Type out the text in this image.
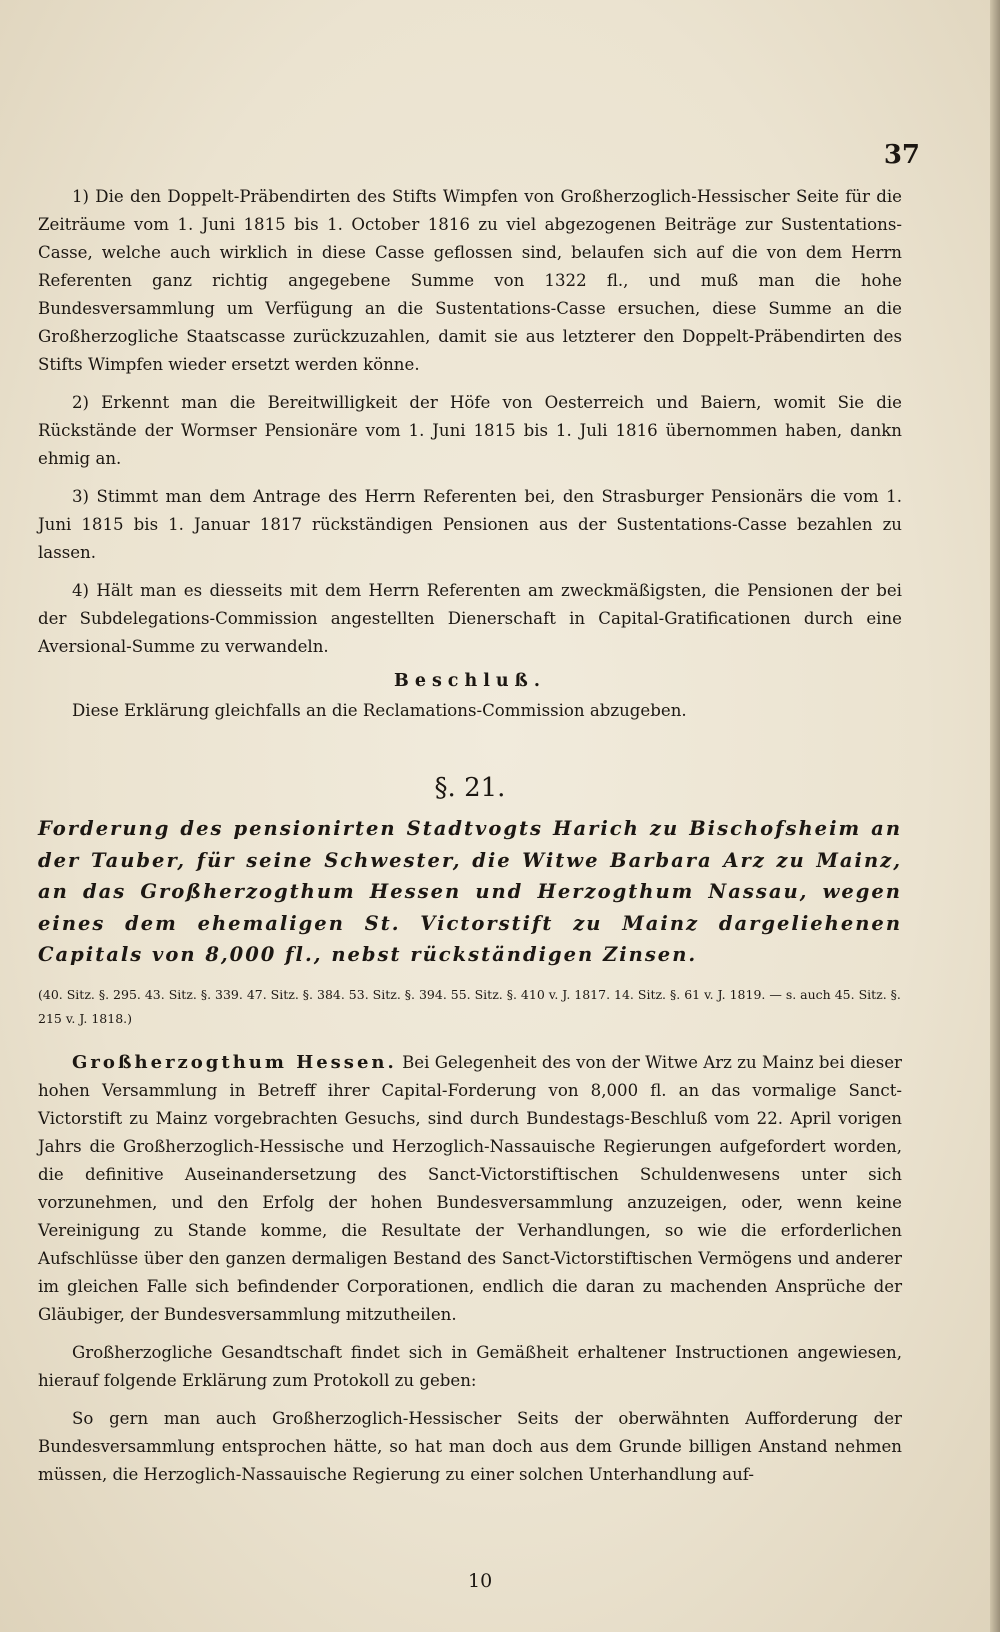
37

1) Die den Doppelt-Präbendirten des Stifts Wimpfen von Großherzoglich-Hessischer Seite für die Zeiträume vom 1. Juni 1815 bis 1. October 1816 zu viel abgezogenen Beiträge zur Sustentations-Casse, welche auch wirklich in diese Casse geflossen sind, belaufen sich auf die von dem Herrn Referenten ganz richtig angegebene Summe von 1322 fl., und muß man die hohe Bundesversammlung um Verfügung an die Sustentations-Casse ersuchen, diese Summe an die Großherzogliche Staatscasse zurückzuzahlen, damit sie aus letzterer den Doppelt-Präbendirten des Stifts Wimpfen wieder ersetzt werden könne.

2) Erkennt man die Bereitwilligkeit der Höfe von Oesterreich und Baiern, womit Sie die Rückstände der Wormser Pensionäre vom 1. Juni 1815 bis 1. Juli 1816 übernommen haben, dankn​ehmig an.

3) Stimmt man dem Antrage des Herrn Referenten bei, den Strasburger Pensionärs die vom 1. Juni 1815 bis 1. Januar 1817 rückständigen Pensionen aus der Sustentations-Casse bezahlen zu lassen.

4) Hält man es diesseits mit dem Herrn Referenten am zweckmäßigsten, die Pensionen der bei der Subdelegations-Commission angestellten Dienerschaft in Capital-Gratificationen durch eine Aversional-Summe zu verwandeln.

Beschluß.

Diese Erklärung gleichfalls an die Reclamations-Commission abzugeben.

§. 21.
Forderung des pensionirten Stadtvogts Harich zu Bischofsheim an der Tauber, für seine Schwester, die Witwe Barbara Arz zu Mainz, an das Großherzogthum Hessen und Herzogthum Nassau, wegen eines dem ehemaligen St. Victorstift zu Mainz dargeliehenen Capitals von 8,000 fl., nebst rückständigen Zinsen.
(40. Sitz. §. 295. 43. Sitz. §. 339. 47. Sitz. §. 384. 53. Sitz. §. 394. 55. Sitz. §. 410 v. J. 1817. 14. Sitz. §. 61 v. J. 1819. — s. auch 45. Sitz. §. 215 v. J. 1818.)

Großherzogthum Hessen. Bei Gelegenheit des von der Witwe Arz zu Mainz bei dieser hohen Versammlung in Betreff ihrer Capital-Forderung von 8,000 fl. an das vormalige Sanct-Victorstift zu Mainz vorgebrachten Gesuchs, sind durch Bundestags-Beschluß vom 22. April vorigen Jahrs die Großherzoglich-Hessische und Herzoglich-Nassauische Regierungen aufgefordert worden, die definitive Auseinandersetzung des Sanct-Victorstiftischen Schuldenwesens unter sich vorzunehmen, und den Erfolg der hohen Bundesversammlung anzuzeigen, oder, wenn keine Vereinigung zu Stande komme, die Resultate der Verhandlungen, so wie die erforderlichen Aufschlüsse über den ganzen dermaligen Bestand des Sanct-Victorstiftischen Vermögens und anderer im gleichen Falle sich befindender Corporationen, endlich die daran zu machenden Ansprüche der Gläubiger, der Bundesversammlung mitzutheilen.

Großherzogliche Gesandtschaft findet sich in Gemäßheit erhaltener Instructionen angewiesen, hierauf folgende Erklärung zum Protokoll zu geben:

So gern man auch Großherzoglich-Hessischer Seits der oberwähnten Aufforderung der Bundesversammlung entsprochen hätte, so hat man doch aus dem Grunde billigen Anstand nehmen müssen, die Herzoglich-Nassauische Regierung zu einer solchen Unterhandlung auf-

10
